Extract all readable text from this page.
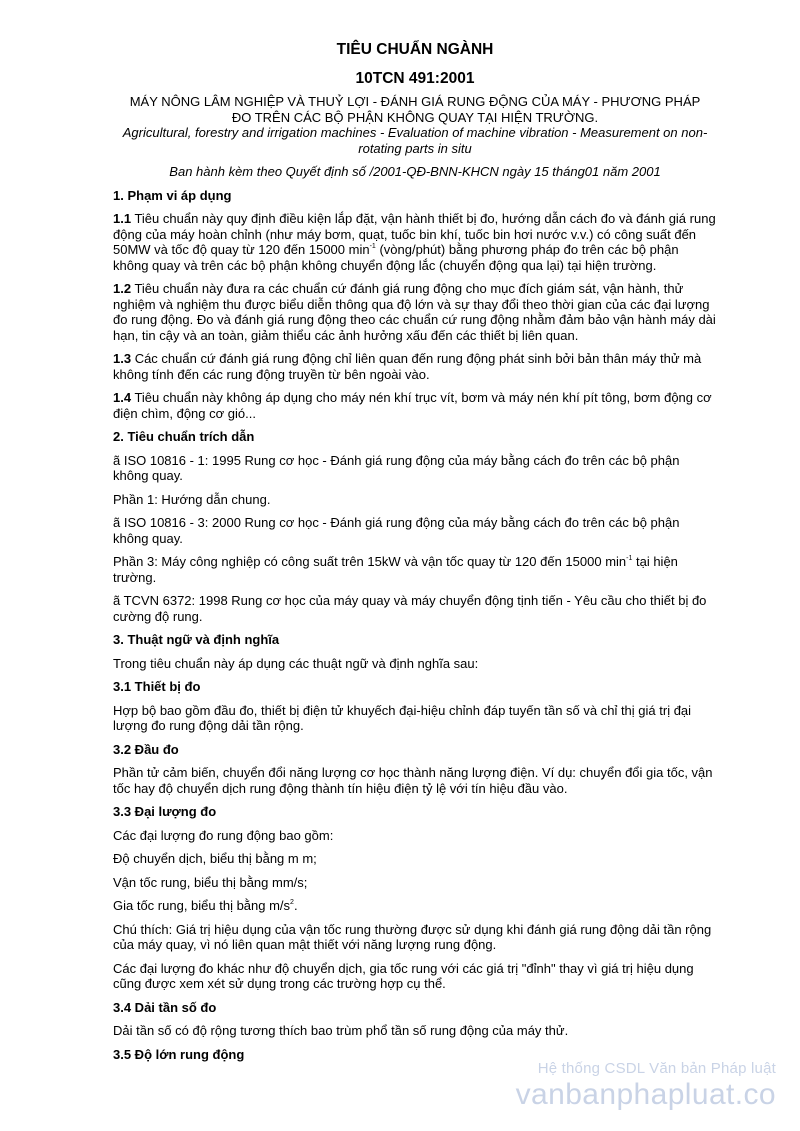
TIÊU CHUẨN NGÀNH
10TCN 491:2001
MÁY NÔNG LÂM NGHIỆP VÀ THUỶ LỢI - ĐÁNH GIÁ RUNG ĐỘNG CỦA MÁY - PHƯƠNG PHÁP
ĐO TRÊN CÁC BỘ PHẬN KHÔNG QUAY TẠI HIỆN TRƯỜNG.
Agricultural, forestry and irrigation machines - Evaluation of machine vibration - Measurement on non-
rotating parts in situ
Ban hành kèm theo Quyết định số /2001-QĐ-BNN-KHCN ngày 15 tháng01 năm 2001
1. Phạm vi áp dụng
1.1 Tiêu chuẩn này quy định điều kiện lắp đặt, vận hành thiết bị đo, hướng dẫn cách đo và đánh giá rung động của máy hoàn chỉnh (như máy bơm, quạt, tuốc bin khí, tuốc bin hơi nước v.v.) có công suất đến 50MW và tốc độ quay từ 120 đến 15000 $\min^{-1}$ (vòng/phút) bằng phương pháp đo trên các bộ phận không quay và trên các bộ phận không chuyển động lắc (chuyển động qua lại) tại hiện trường.
1.2 Tiêu chuẩn này đưa ra các chuẩn cứ đánh giá rung động cho mục đích giám sát, vận hành, thử nghiệm và nghiệm thu được biểu diễn thông qua độ lớn và sự thay đổi theo thời gian của các đại lượng đo rung động. Đo và đánh giá rung động theo các chuẩn cứ rung động nhằm đảm bảo vận hành máy dài hạn, tin cậy và an toàn, giảm thiểu các ảnh hưởng xấu đến các thiết bị liên quan.
1.3 Các chuẩn cứ đánh giá rung động chỉ liên quan đến rung động phát sinh bởi bản thân máy thử mà không tính đến các rung động truyền từ bên ngoài vào.
1.4 Tiêu chuẩn này không áp dụng cho máy nén khí trục vít, bơm và máy nén khí pít tông, bơm động cơ điện chìm, động cơ gió...
2. Tiêu chuẩn trích dẫn
ã ISO 10816 - 1: 1995 Rung cơ học - Đánh giá rung động của máy bằng cách đo trên các bộ phận không quay.
Phần 1: Hướng dẫn chung.
ã ISO 10816 - 3: 2000 Rung cơ học - Đánh giá rung động của máy bằng cách đo trên các bộ phận không quay.
Phần 3: Máy công nghiệp có công suất trên 15kW và vận tốc quay từ 120 đến 15000 $\min^{-1}$ tại hiện trường.
ã TCVN 6372: 1998 Rung cơ học của máy quay và máy chuyển động tịnh tiến - Yêu cầu cho thiết bị đo cường độ rung.
3. Thuật ngữ và định nghĩa
Trong tiêu chuẩn này áp dụng các thuật ngữ và định nghĩa sau:
3.1 Thiết bị đo
Hợp bộ bao gồm đầu đo, thiết bị điện tử khuyếch đại-hiệu chỉnh đáp tuyến tần số và chỉ thị giá trị đại lượng đo rung động dải tần rộng.
3.2 Đầu đo
Phần tử cảm biến, chuyển đổi năng lượng cơ học thành năng lượng điện. Ví dụ: chuyển đổi gia tốc, vận tốc hay độ chuyển dịch rung động thành tín hiệu điện tỷ lệ với tín hiệu đầu vào.
3.3 Đại lượng đo
Các đại lượng đo rung động bao gồm:
Độ chuyển dịch, biểu thị bằng m m;
Vận tốc rung, biểu thị bằng mm/s;
Gia tốc rung, biểu thị bằng $m/s^2$.
Chú thích: Giá trị hiệu dụng của vận tốc rung thường được sử dụng khi đánh giá rung động dải tần rộng của máy quay, vì nó liên quan mật thiết với năng lượng rung động.
Các đại lượng đo khác như độ chuyển dịch, gia tốc rung với các giá trị "đỉnh" thay vì giá trị hiệu dụng cũng được xem xét sử dụng trong các trường hợp cụ thể.
3.4 Dải tần số đo
Dải tần số có độ rộng tương thích bao trùm phổ tần số rung động của máy thử.
3.5 Độ lớn rung động
Hệ thống CSDL Văn bản Pháp luật
vanbanphapluat.co
